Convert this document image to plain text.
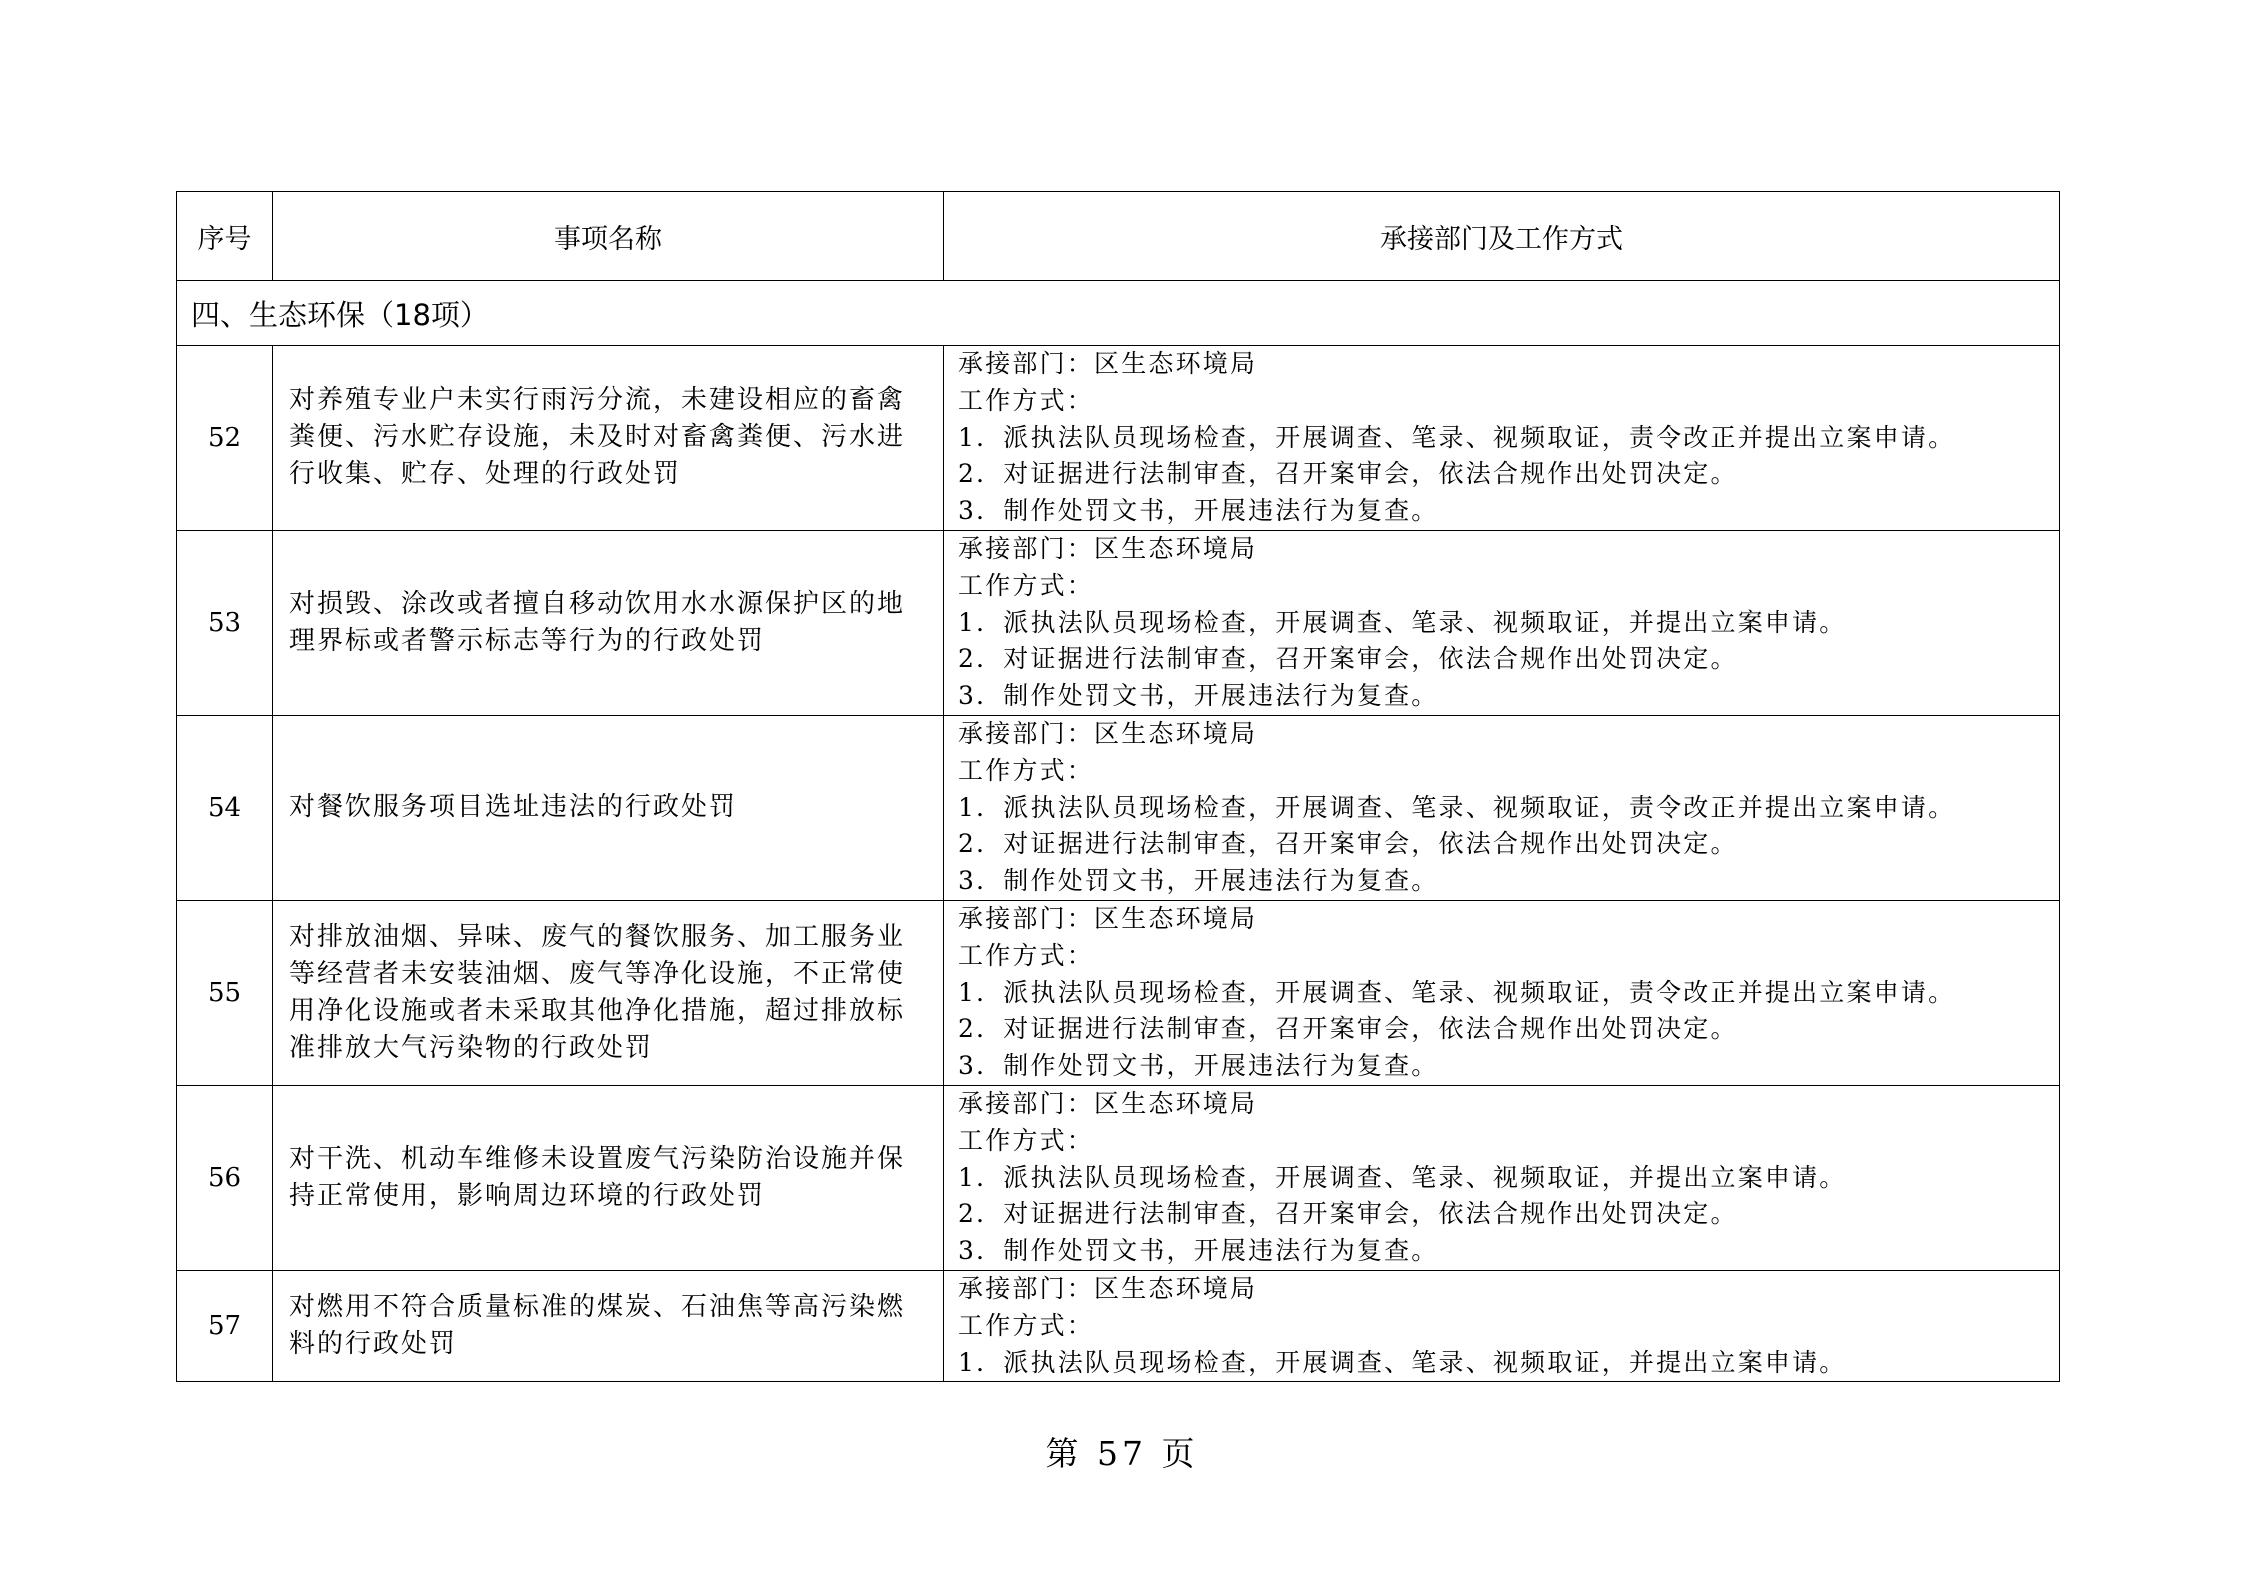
序号	事项名称	承接部门及工作方式
四、生态环保（18项）		
52	对养殖专业户未实行雨污分流，未建设相应的畜禽粪便、污水贮存设施，未及时对畜禽粪便、污水进行收集、贮存、处理的行政处罚	承接部门：区生态环境局
工作方式：
1．派执法队员现场检查，开展调查、笔录、视频取证，责令改正并提出立案申请。
2．对证据进行法制审查，召开案审会，依法合规作出处罚决定。
3．制作处罚文书，开展违法行为复查。

53	对损毁、涂改或者擅自移动饮用水水源保护区的地理界标或者警示标志等行为的行政处罚	承接部门：区生态环境局
工作方式：
1．派执法队员现场检查，开展调查、笔录、视频取证，并提出立案申请。
2．对证据进行法制审查，召开案审会，依法合规作出处罚决定。
3．制作处罚文书，开展违法行为复查。

54	对餐饮服务项目选址违法的行政处罚	承接部门：区生态环境局
工作方式：
1．派执法队员现场检查，开展调查、笔录、视频取证，责令改正并提出立案申请。
2．对证据进行法制审查，召开案审会，依法合规作出处罚决定。
3．制作处罚文书，开展违法行为复查。

55	对排放油烟、异味、废气的餐饮服务、加工服务业等经营者未安装油烟、废气等净化设施，不正常使用净化设施或者未采取其他净化措施，超过排放标准排放大气污染物的行政处罚	承接部门：区生态环境局
工作方式：
1．派执法队员现场检查，开展调查、笔录、视频取证，责令改正并提出立案申请。
2．对证据进行法制审查，召开案审会，依法合规作出处罚决定。
3．制作处罚文书，开展违法行为复查。

56	对干洗、机动车维修未设置废气污染防治设施并保持正常使用，影响周边环境的行政处罚	承接部门：区生态环境局
工作方式：
1．派执法队员现场检查，开展调查、笔录、视频取证，并提出立案申请。
2．对证据进行法制审查，召开案审会，依法合规作出处罚决定。
3．制作处罚文书，开展违法行为复查。

57	对燃用不符合质量标准的煤炭、石油焦等高污染燃料的行政处罚	承接部门：区生态环境局
工作方式：
1．派执法队员现场检查，开展调查、笔录、视频取证，并提出立案申请。
第 57 页
